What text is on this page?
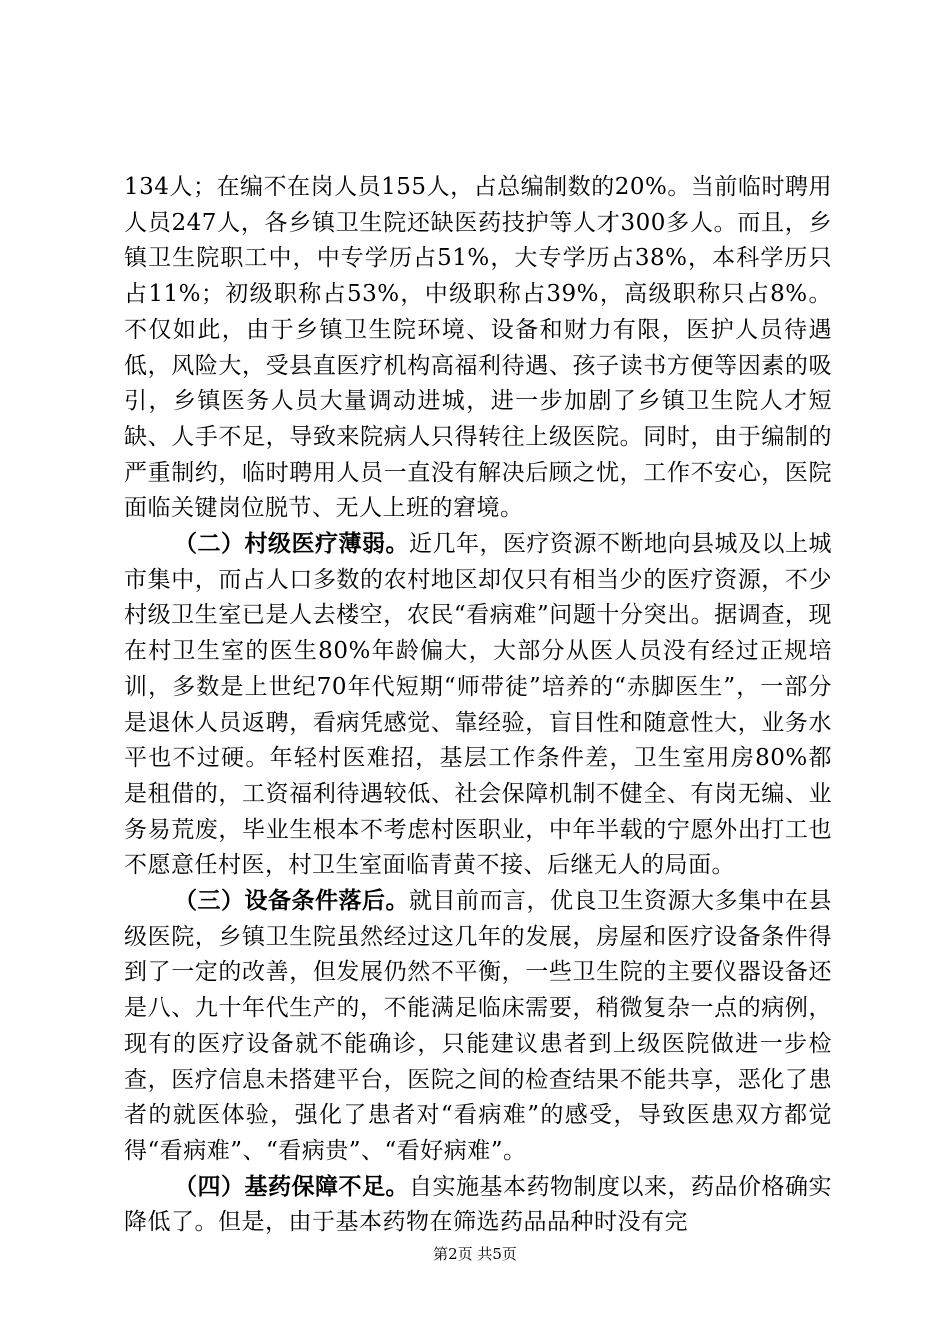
134人；在编不在岗人员155人，占总编制数的20%。当前临时聘用人员247人，各乡镇卫生院还缺医药技护等人才300多人。而且，乡镇卫生院职工中，中专学历占51%，大专学历占38%，本科学历只占11%；初级职称占53%，中级职称占39%，高级职称只占8%。不仅如此，由于乡镇卫生院环境、设备和财力有限，医护人员待遇低，风险大，受县直医疗机构高福利待遇、孩子读书方便等因素的吸引，乡镇医务人员大量调动进城，进一步加剧了乡镇卫生院人才短缺、人手不足，导致来院病人只得转往上级医院。同时，由于编制的严重制约，临时聘用人员一直没有解决后顾之忧，工作不安心，医院面临关键岗位脱节、无人上班的窘境。

（二）村级医疗薄弱。近几年，医疗资源不断地向县城及以上城市集中，而占人口多数的农村地区却仅只有相当少的医疗资源，不少村级卫生室已是人去楼空，农民“看病难”问题十分突出。据调查，现在村卫生室的医生80%年龄偏大，大部分从医人员没有经过正规培训，多数是上世纪70年代短期“师带徒”培养的“赤脚医生”，一部分是退休人员返聘，看病凭感觉、靠经验，盲目性和随意性大，业务水平也不过硬。年轻村医难招，基层工作条件差，卫生室用房80%都是租借的，工资福利待遇较低、社会保障机制不健全、有岗无编、业务易荒废，毕业生根本不考虑村医职业，中年半载的宁愿外出打工也不愿意任村医，村卫生室面临青黄不接、后继无人的局面。

（三）设备条件落后。就目前而言，优良卫生资源大多集中在县级医院，乡镇卫生院虽然经过这几年的发展，房屋和医疗设备条件得到了一定的改善，但发展仍然不平衡，一些卫生院的主要仪器设备还是八、九十年代生产的，不能满足临床需要，稍微复杂一点的病例，现有的医疗设备就不能确诊，只能建议患者到上级医院做进一步检查，医疗信息未搭建平台，医院之间的检查结果不能共享，恶化了患者的就医体验，强化了患者对“看病难”的感受，导致医患双方都觉得“看病难”、“看病贵”、“看好病难”。

（四）基药保障不足。自实施基本药物制度以来，药品价格确实降低了。但是，由于基本药物在筛选药品品种时没有完

第2页 共5页
